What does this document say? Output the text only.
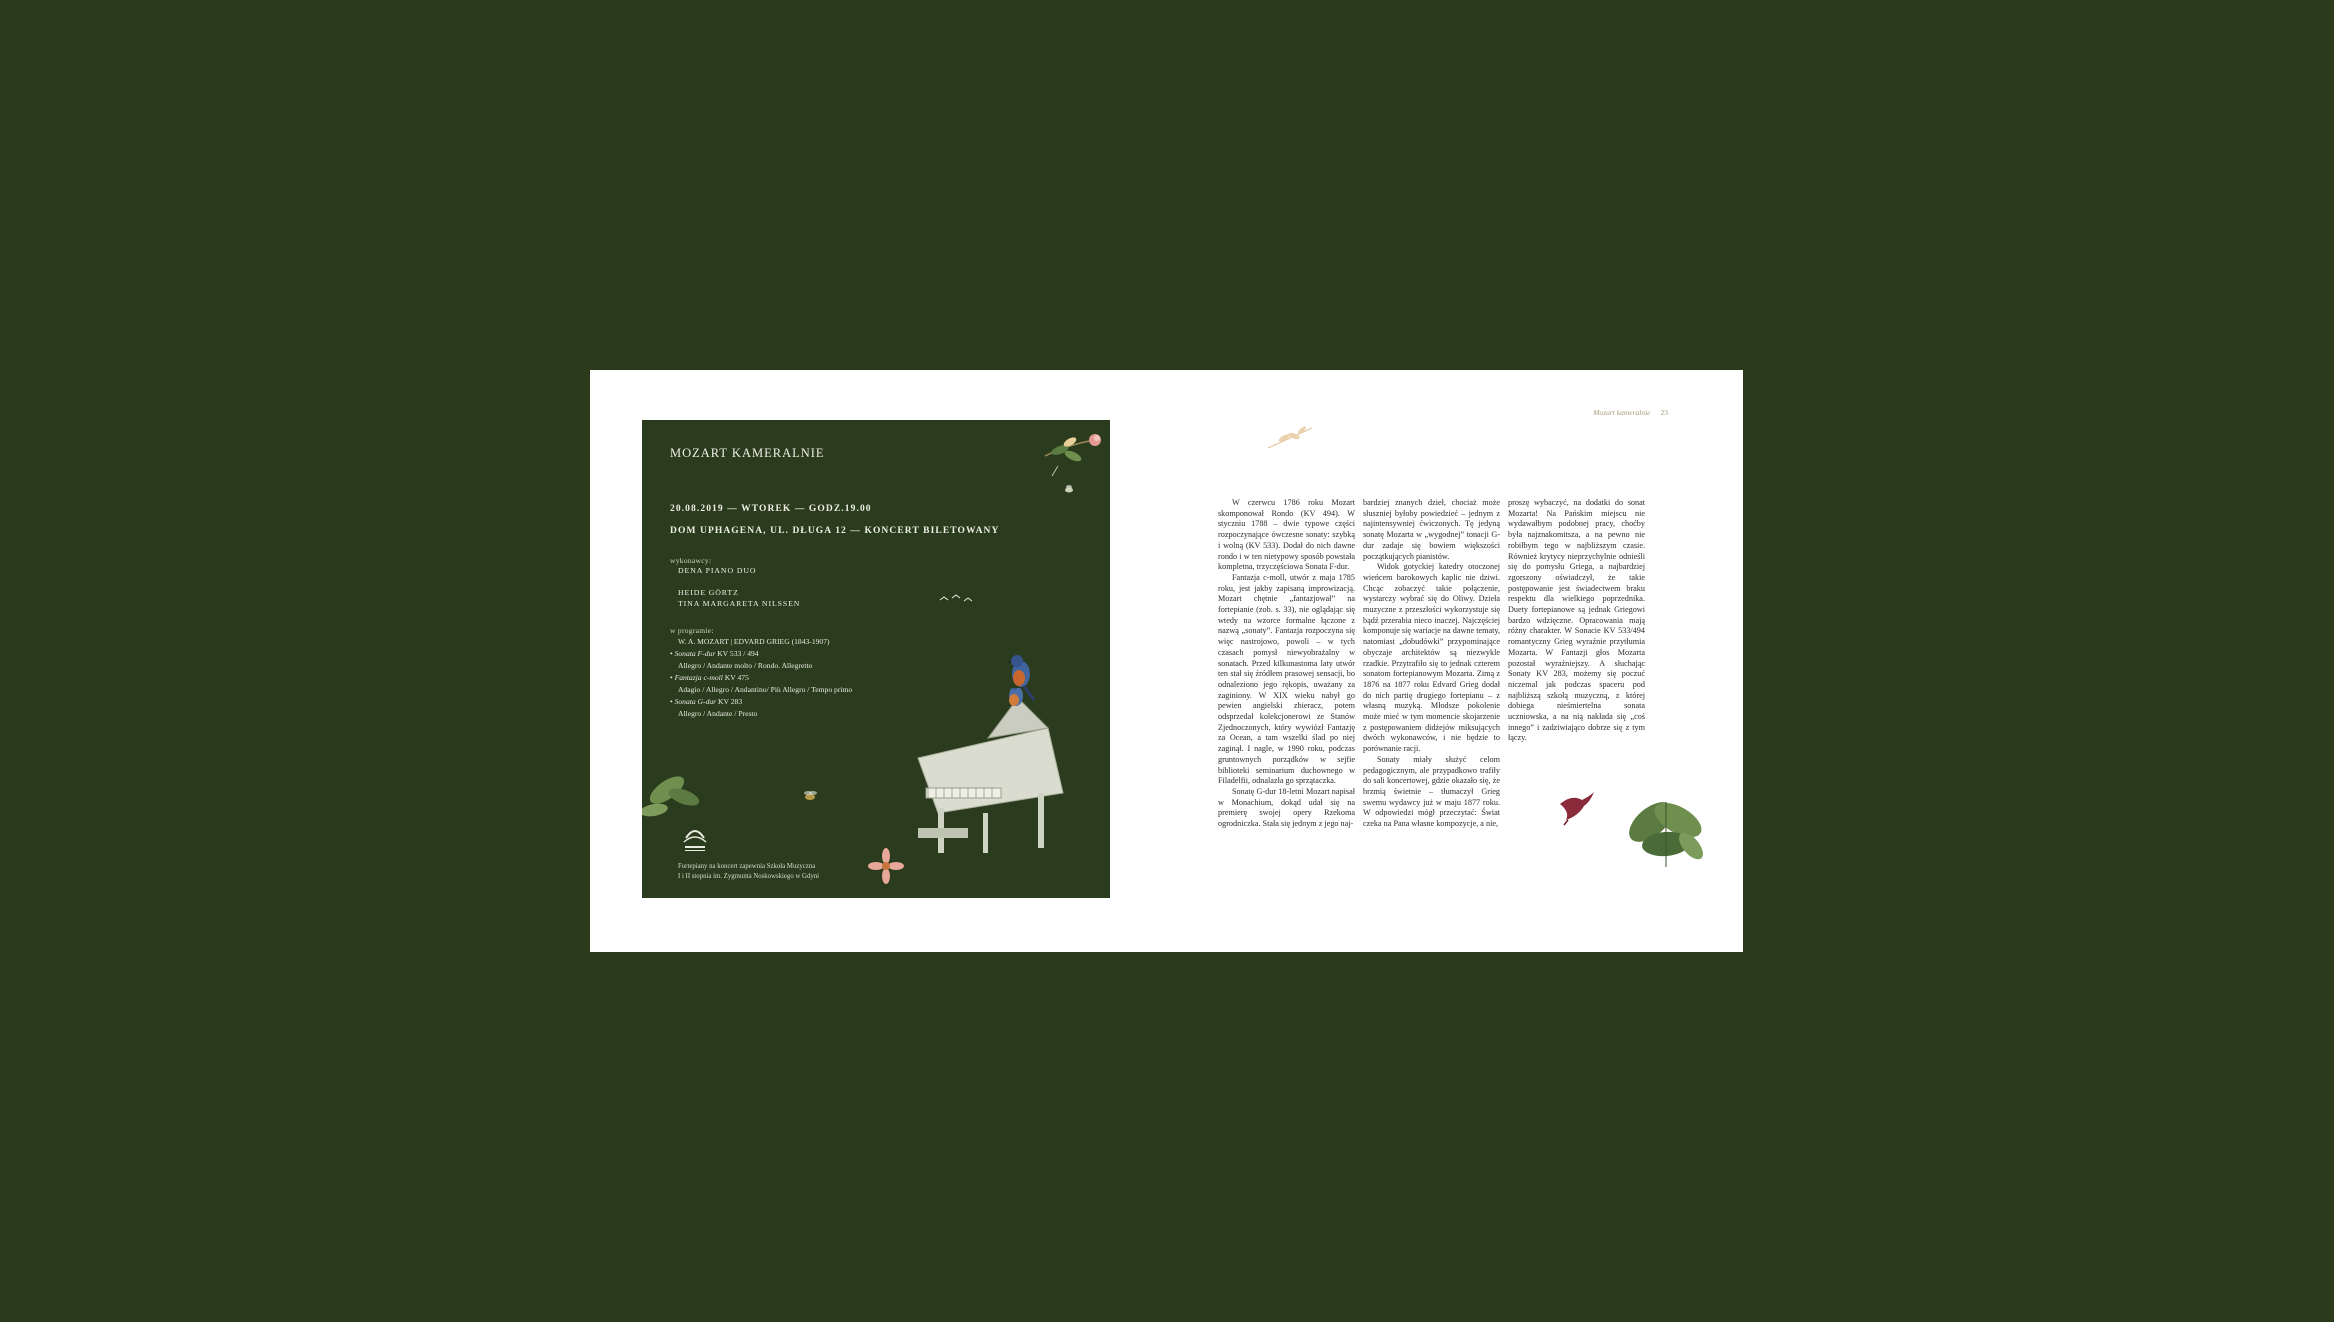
MOZART KAMERALNIE
20.08.2019 — WTOREK — GODZ.19.00
DOM UPHAGENA, UL. DŁUGA 12 — KONCERT BILETOWANY
wykonawcy:
DENA PIANO DUO
HEIDE GÖRTZ
TINA MARGARETA NILSSEN
w programie:
W. A. MOZART | EDVARD GRIEG (1843-1907)
• Sonata F-dur KV 533 / 494
Allegro / Andante molto / Rondo. Allegretto
• Fantazja c-moll KV 475
Adagio / Allegro / Andantino/ Più Allegro / Tempo primo
• Sonata G-dur KV 283
Allegro / Andante / Presto
Fortepiany na koncert zapewnia Szkoła Muzyczna
I i II stopnia im. Zygmunta Noskowskiego w Gdyni
Mozart kameralnie 23

W czerwcu 1786 roku Mozart skomponował Rondo (KV 494). W styczniu 1788 – dwie typowe części rozpoczynające ówczesne sonaty: szybką i wolną (KV 533). Dodał do nich dawne rondo i w ten nietypowy sposób powstała kompletna, trzyczęściowa Sonata F-dur.

Fantazja c-moll, utwór z maja 1785 roku, jest jakby zapisaną improwizacją. Mozart chętnie „fantazjował” na fortepianie (zob. s. 33), nie oglądając się wtedy na wzorce formalne łączone z nazwą „sonaty”. Fantazja rozpoczyna się więc nastrojowo, powoli – w tych czasach pomysł niewyobrażalny w sonatach. Przed kilkunastoma laty utwór ten stał się źródłem prasowej sensacji, bo odnaleziono jego rękopis, uważany za zaginiony. W XIX wieku nabył go pewien angielski zbieracz, potem odsprzedał kolekcjonerowi ze Stanów Zjednoczonych, który wywiózł Fantazję za Ocean, a tam wszelki ślad po niej zaginął. I nagle, w 1990 roku, podczas gruntownych porządków w sejfie biblioteki seminarium duchownego w Filadelfii, odnalazła go sprzątaczka.

Sonatę G-dur 18-letni Mozart napisał w Monachium, dokąd udał się na premierę swojej opery Rzekoma ogrodniczka. Stała się jednym z jego naj-

bardziej znanych dzieł, chociaż może słuszniej byłoby powiedzieć – jednym z najintensywniej ćwiczonych. Tę jedyną sonatę Mozarta w „wygodnej” tonacji G-dur zadaje się bowiem większości początkujących pianistów.

Widok gotyckiej katedry otoczonej wieńcem barokowych kaplic nie dziwi. Chcąc zobaczyć takie połączenie, wystarczy wybrać się do Oliwy. Dzieła muzyczne z przeszłości wykorzystuje się bądź przerabia nieco inaczej. Najczęściej komponuje się wariacje na dawne tematy, natomiast „dobudówki” przypominające obyczaje architektów są niezwykle rzadkie. Przytrafiło się to jednak czterem sonatom fortepianowym Mozarta. Zimą z 1876 na 1877 roku Edvard Grieg dodał do nich partię drugiego fortepianu – z własną muzyką. Młodsze pokolenie może mieć w tym momencie skojarzenie z postępowaniem didżejów miksujących dwóch wykonawców, i nie będzie to porównanie racji.

Sonaty miały służyć celom pedagogicznym, ale przypadkowo trafiły do sali koncertowej, gdzie okazało się, że brzmią świetnie – tłumaczył Grieg swemu wydawcy już w maju 1877 roku. W odpowiedzi mógł przeczytać: Świat czeka na Pana własne kompozycje, a nie,

proszę wybaczyć, na dodatki do sonat Mozarta! Na Pańskim miejscu nie wydawałbym podobnej pracy, choćby była najznakomitsza, a na pewno nie robiłbym tego w najbliższym czasie. Również krytycy nieprzychylnie odnieśli się do pomysłu Griega, a najbardziej zgorszony oświadczył, że takie postępowanie jest świadectwem braku respektu dla wielkiego poprzednika. Duety fortepianowe są jednak Griegowi bardzo wdzięczne. Opracowania mają różny charakter. W Sonacie KV 533/494 romantyczny Grieg wyraźnie przytłumia Mozarta. W Fantazji głos Mozarta pozostał wyraźniejszy. A słuchając Sonaty KV 283, możemy się poczuć niczemal jak podczas spaceru pod najbliższą szkołą muzyczną, z której dobiega nieśmiertelna sonata uczniowska, a na nią nakłada się „coś innego” i zadziwiająco dobrze się z tym łączy.
